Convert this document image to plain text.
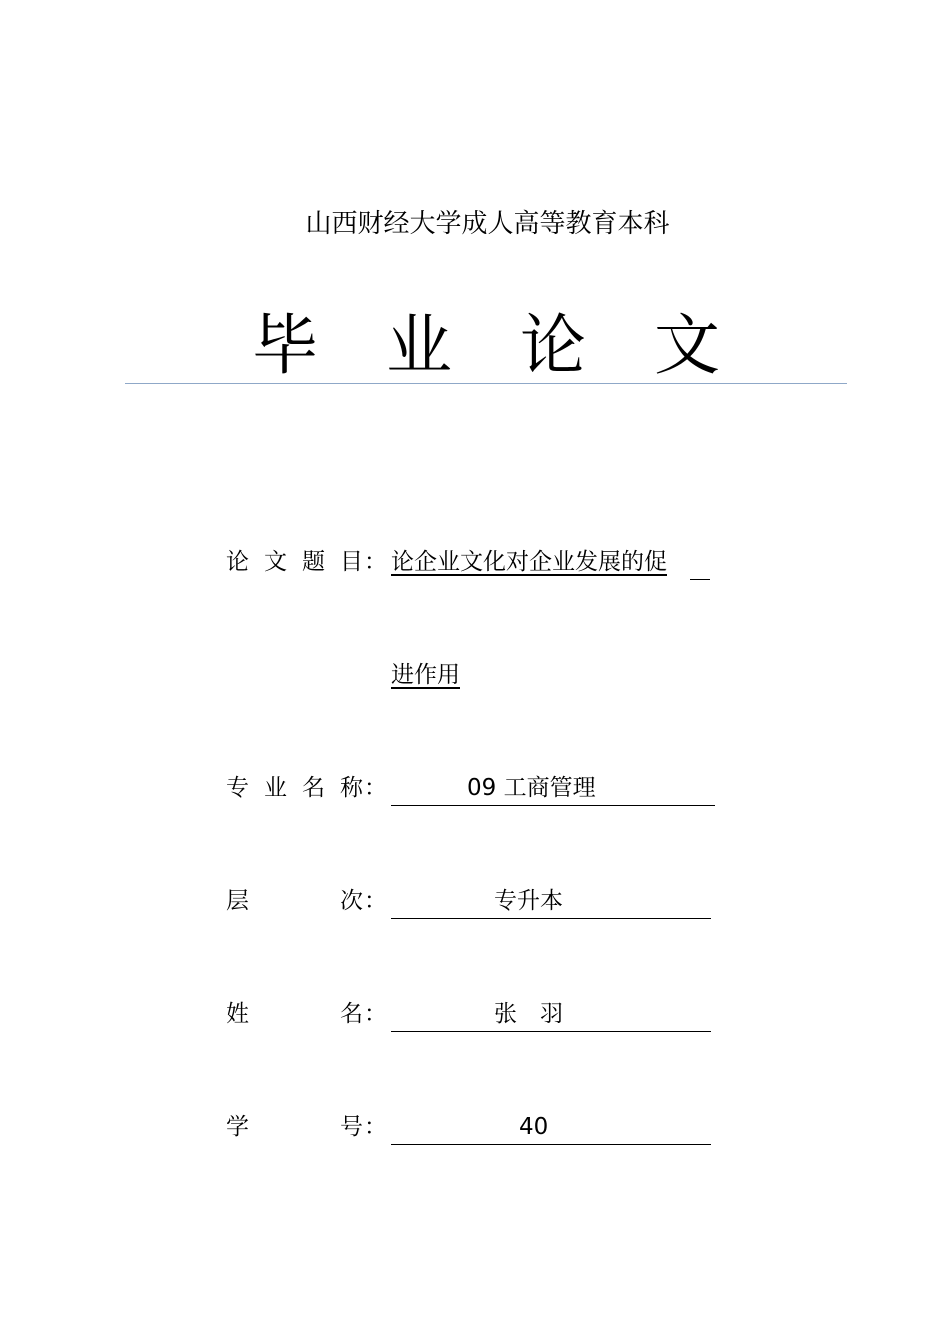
山西财经大学成人高等教育本科
毕 业 论 文
论 文 题 目 ： 论企业文化对企业发展的促
进作用
专 业 名 称 ：	09 工商管理
层	次 ：	专升本
姓	名 ：	张　羽
学	号 ：	40
